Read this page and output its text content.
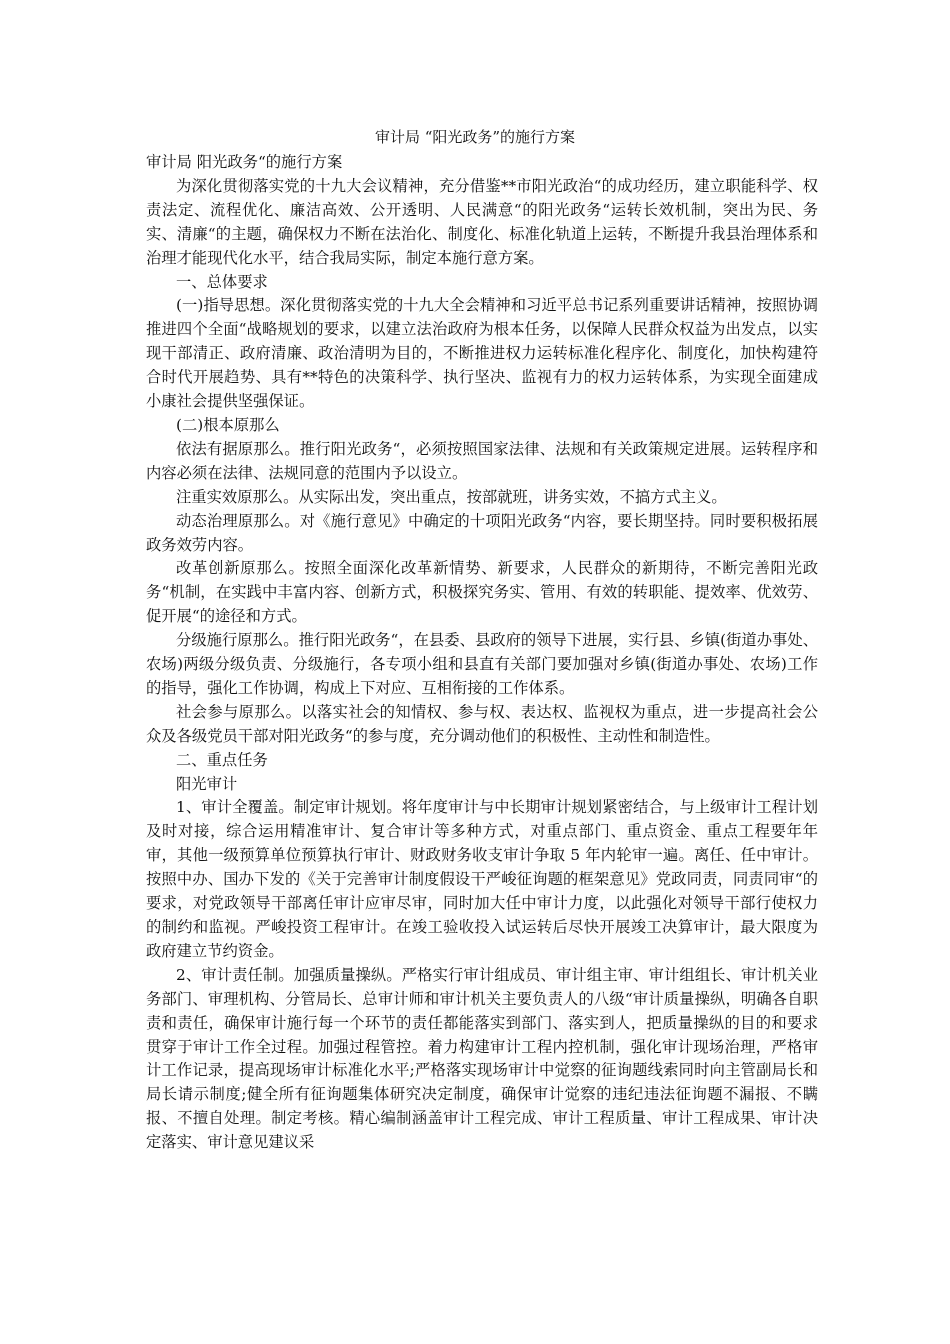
审计局 “阳光政务”的施行方案

审计局 阳光政务“的施行方案

为深化贯彻落实党的十九大会议精神，充分借鉴**市阳光政治“的成功经历，建立职能科学、权责法定、流程优化、廉洁高效、公开透明、人民满意“的阳光政务“运转长效机制，突出为民、务实、清廉“的主题，确保权力不断在法治化、制度化、标准化轨道上运转，不断提升我县治理体系和治理才能现代化水平，结合我局实际，制定本施行意方案。

一、总体要求

(一)指导思想。深化贯彻落实党的十九大全会精神和习近平总书记系列重要讲话精神，按照协调推进四个全面“战略规划的要求，以建立法治政府为根本任务，以保障人民群众权益为出发点，以实现干部清正、政府清廉、政治清明为目的，不断推进权力运转标准化程序化、制度化，加快构建符合时代开展趋势、具有**特色的决策科学、执行坚决、监视有力的权力运转体系，为实现全面建成小康社会提供坚强保证。

(二)根本原那么

依法有据原那么。推行阳光政务“，必须按照国家法律、法规和有关政策规定进展。运转程序和内容必须在法律、法规同意的范围内予以设立。

注重实效原那么。从实际出发，突出重点，按部就班，讲务实效，不搞方式主义。

动态治理原那么。对《施行意见》中确定的十项阳光政务“内容，要长期坚持。同时要积极拓展政务效劳内容。

改革创新原那么。按照全面深化改革新情势、新要求，人民群众的新期待，不断完善阳光政务“机制，在实践中丰富内容、创新方式，积极探究务实、管用、有效的转职能、提效率、优效劳、促开展“的途径和方式。

分级施行原那么。推行阳光政务“，在县委、县政府的领导下进展，实行县、乡镇(街道办事处、农场)两级分级负责、分级施行，各专项小组和县直有关部门要加强对乡镇(街道办事处、农场)工作的指导，强化工作协调，构成上下对应、互相衔接的工作体系。

社会参与原那么。以落实社会的知情权、参与权、表达权、监视权为重点，进一步提高社会公众及各级党员干部对阳光政务“的参与度，充分调动他们的积极性、主动性和制造性。

二、重点任务

阳光审计

1、审计全覆盖。制定审计规划。将年度审计与中长期审计规划紧密结合，与上级审计工程计划及时对接，综合运用精准审计、复合审计等多种方式，对重点部门、重点资金、重点工程要年年审，其他一级预算单位预算执行审计、财政财务收支审计争取 5 年内轮审一遍。离任、任中审计。按照中办、国办下发的《关于完善审计制度假设干严峻征询题的框架意见》党政同责，同责同审“的要求，对党政领导干部离任审计应审尽审，同时加大任中审计力度，以此强化对领导干部行使权力的制约和监视。严峻投资工程审计。在竣工验收投入试运转后尽快开展竣工决算审计，最大限度为政府建立节约资金。

2、审计责任制。加强质量操纵。严格实行审计组成员、审计组主审、审计组组长、审计机关业务部门、审理机构、分管局长、总审计师和审计机关主要负责人的八级“审计质量操纵，明确各自职责和责任，确保审计施行每一个环节的责任都能落实到部门、落实到人，把质量操纵的目的和要求贯穿于审计工作全过程。加强过程管控。着力构建审计工程内控机制，强化审计现场治理，严格审计工作记录，提高现场审计标准化水平;严格落实现场审计中觉察的征询题线索同时向主管副局长和局长请示制度;健全所有征询题集体研究决定制度，确保审计觉察的违纪违法征询题不漏报、不瞒报、不擅自处理。制定考核。精心编制涵盖审计工程完成、审计工程质量、审计工程成果、审计决定落实、审计意见建议采
